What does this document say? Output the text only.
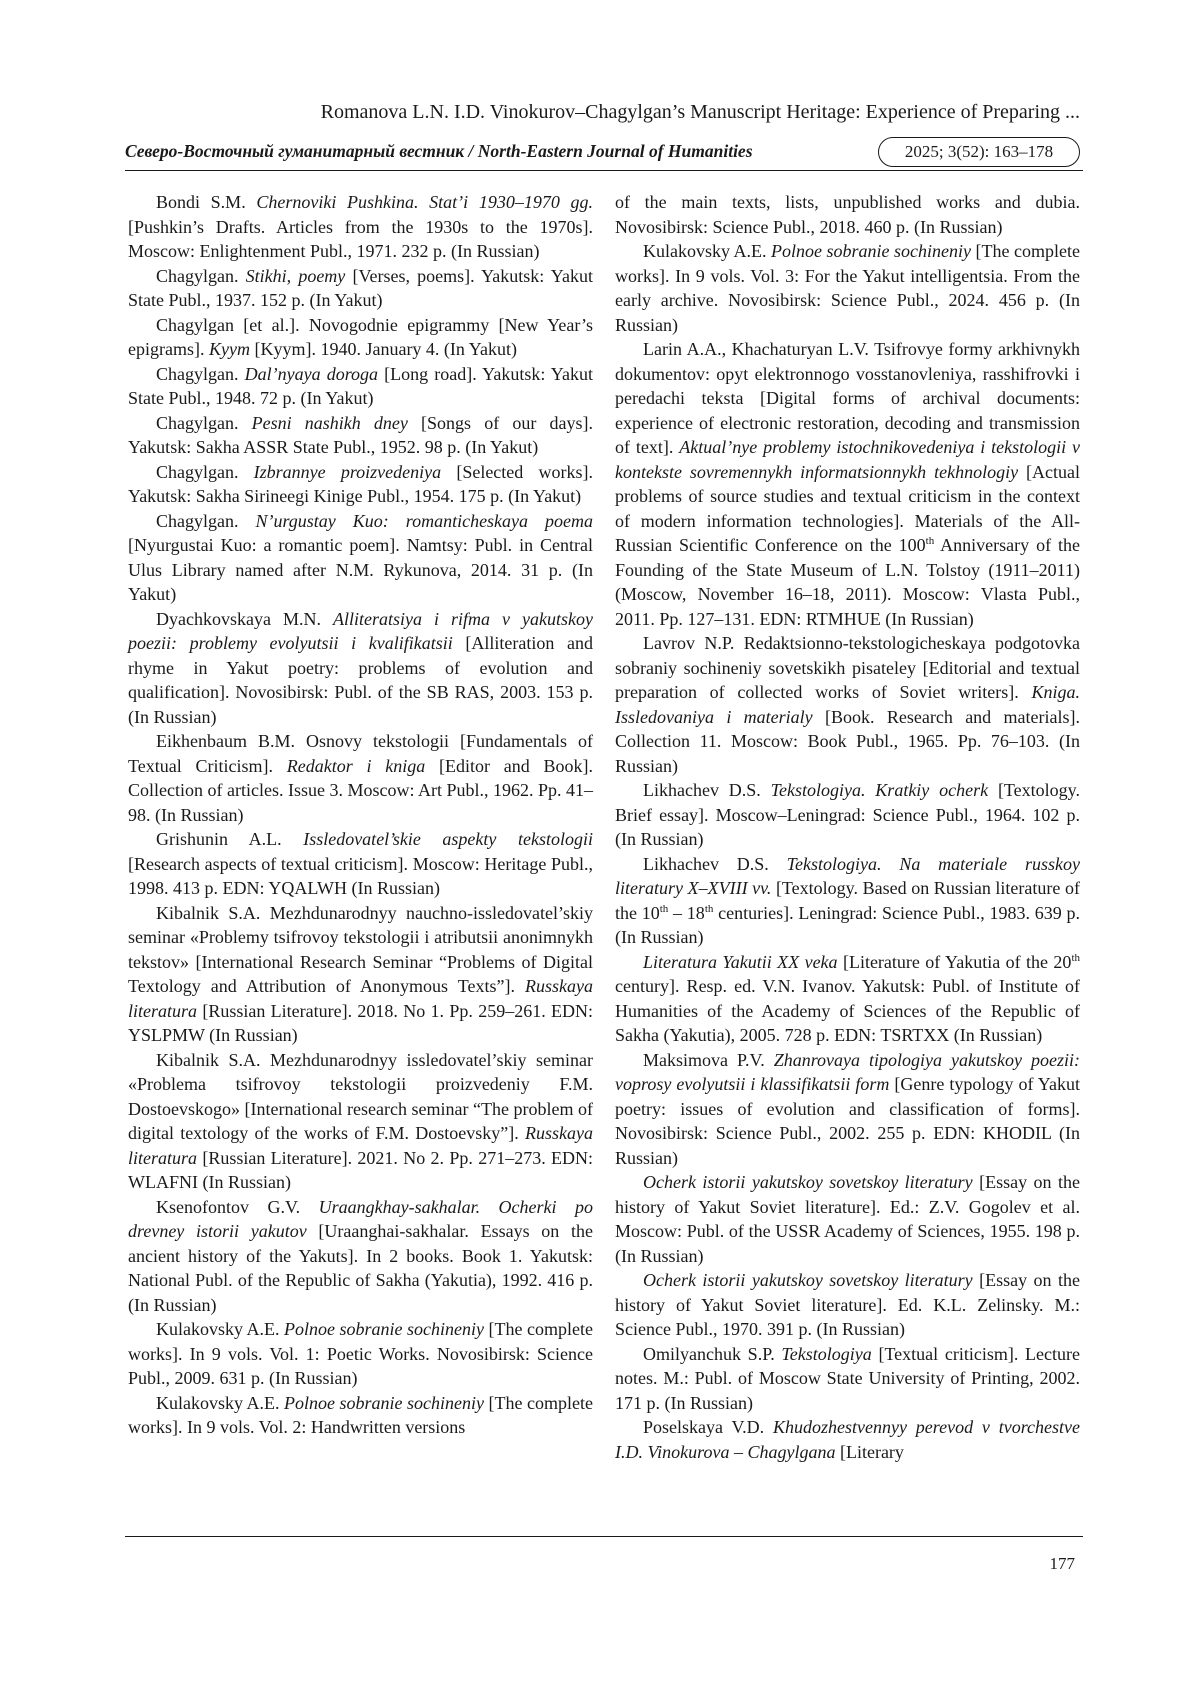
Romanova L.N. I.D. Vinokurov–Chagylgan’s Manuscript Heritage: Experience of Preparing ...
Северо-Восточный гуманитарный вестник / North-Eastern Journal of Humanities	2025; 3(52): 163–178

Bondi S.M. Chernoviki Pushkina. Stat’i 1930–1970 gg. [Pushkin’s Drafts. Articles from the 1930s to the 1970s]. Moscow: Enlightenment Publ., 1971. 232 p. (In Russian)

Chagylgan. Stikhi, poemy [Verses, poems]. Yakutsk: Yakut State Publ., 1937. 152 p. (In Yakut)

Chagylgan [et al.]. Novogodnie epigrammy [New Year’s epigrams]. Kyym [Kyym]. 1940. January 4. (In Yakut)

Chagylgan. Dal’nyaya doroga [Long road]. Yakutsk: Yakut State Publ., 1948. 72 p. (In Yakut)

Chagylgan. Pesni nashikh dney [Songs of our days]. Yakutsk: Sakha ASSR State Publ., 1952. 98 p. (In Yakut)

Chagylgan. Izbrannye proizvedeniya [Selected works]. Yakutsk: Sakha Sirineegi Kinige Publ., 1954. 175 p. (In Yakut)

Chagylgan. N’urgustay Kuo: romanticheskaya poema [Nyurgustai Kuo: a romantic poem]. Namtsy: Publ. in Central Ulus Library named after N.M. Rykunova, 2014. 31 p. (In Yakut)

Dyachkovskaya M.N. Alliteratsiya i rifma v yakutskoy poezii: problemy evolyutsii i kvalifikatsii [Alliteration and rhyme in Yakut poetry: problems of evolution and qualification]. Novosibirsk: Publ. of the SB RAS, 2003. 153 p. (In Russian)

Eikhenbaum B.M. Osnovy tekstologii [Fundamentals of Textual Criticism]. Redaktor i kniga [Editor and Book]. Collection of articles. Issue 3. Moscow: Art Publ., 1962. Pp. 41–98. (In Russian)

Grishunin A.L. Issledovatel’skie aspekty tekstologii [Research aspects of textual criticism]. Moscow: Heritage Publ., 1998. 413 p. EDN: YQALWH (In Russian)

Kibalnik S.A. Mezhdunarodnyy nauchno-issledovatel’skiy seminar «Problemy tsifrovoy tekstologii i atributsii anonimnykh tekstov» [International Research Seminar “Problems of Digital Textology and Attribution of Anonymous Texts”]. Russkaya literatura [Russian Literature]. 2018. No 1. Pp. 259–261. EDN: YSLPMW (In Russian)

Kibalnik S.A. Mezhdunarodnyy issledovatel’skiy seminar «Problema tsifrovoy tekstologii proizvedeniy F.M. Dostoevskogo» [International research seminar “The problem of digital textology of the works of F.M. Dostoevsky”]. Russkaya literatura [Russian Literature]. 2021. No 2. Pp. 271–273. EDN: WLAFNI (In Russian)

Ksenofontov G.V. Uraangkhay-sakhalar. Ocherki po drevney istorii yakutov [Uraanghai-sakhalar. Essays on the ancient history of the Yakuts]. In 2 books. Book 1. Yakutsk: National Publ. of the Republic of Sakha (Yakutia), 1992. 416 p. (In Russian)

Kulakovsky A.E. Polnoe sobranie sochineniy [The complete works]. In 9 vols. Vol. 1: Poetic Works. Novosibirsk: Science Publ., 2009. 631 p. (In Russian)

Kulakovsky A.E. Polnoe sobranie sochineniy [The complete works]. In 9 vols. Vol. 2: Handwritten versions

of the main texts, lists, unpublished works and dubia. Novosibirsk: Science Publ., 2018. 460 p. (In Russian)

Kulakovsky A.E. Polnoe sobranie sochineniy [The complete works]. In 9 vols. Vol. 3: For the Yakut intelligentsia. From the early archive. Novosibirsk: Science Publ., 2024. 456 p. (In Russian)

Larin A.A., Khachaturyan L.V. Tsifrovye formy arkhivnykh dokumentov: opyt elektronnogo vosstanovleniya, rasshifrovki i peredachi teksta [Digital forms of archival documents: experience of electronic restoration, decoding and transmission of text]. Aktual’nye problemy istochnikovedeniya i tekstologii v kontekste sovremennykh informatsionnykh tekhnologiy [Actual problems of source studies and textual criticism in the context of modern information technologies]. Materials of the All-Russian Scientific Conference on the 100th Anniversary of the Founding of the State Museum of L.N. Tolstoy (1911–2011) (Moscow, November 16–18, 2011). Moscow: Vlasta Publ., 2011. Pp. 127–131. EDN: RTMHUE (In Russian)

Lavrov N.P. Redaktsionno-tekstologicheskaya podgotovka sobraniy sochineniy sovetskikh pisateley [Editorial and textual preparation of collected works of Soviet writers]. Kniga. Issledovaniya i materialy [Book. Research and materials]. Collection 11. Moscow: Book Publ., 1965. Pp. 76–103. (In Russian)

Likhachev D.S. Tekstologiya. Kratkiy ocherk [Textology. Brief essay]. Moscow–Leningrad: Science Publ., 1964. 102 p. (In Russian)

Likhachev D.S. Tekstologiya. Na materiale russkoy literatury X–XVIII vv. [Textology. Based on Russian literature of the 10th – 18th centuries]. Leningrad: Science Publ., 1983. 639 p. (In Russian)

Literatura Yakutii XX veka [Literature of Yakutia of the 20th century]. Resp. ed. V.N. Ivanov. Yakutsk: Publ. of Institute of Humanities of the Academy of Sciences of the Republic of Sakha (Yakutia), 2005. 728 p. EDN: TSRTXX (In Russian)

Maksimova P.V. Zhanrovaya tipologiya yakutskoy poezii: voprosy evolyutsii i klassifikatsii form [Genre typology of Yakut poetry: issues of evolution and classification of forms]. Novosibirsk: Science Publ., 2002. 255 p. EDN: KHODIL (In Russian)

Ocherk istorii yakutskoy sovetskoy literatury [Essay on the history of Yakut Soviet literature]. Ed.: Z.V. Gogolev et al. Moscow: Publ. of the USSR Academy of Sciences, 1955. 198 p. (In Russian)

Ocherk istorii yakutskoy sovetskoy literatury [Essay on the history of Yakut Soviet literature]. Ed. K.L. Zelinsky. M.: Science Publ., 1970. 391 p. (In Russian)

Omilyanchuk S.P. Tekstologiya [Textual criticism]. Lecture notes. M.: Publ. of Moscow State University of Printing, 2002. 171 p. (In Russian)

Poselskaya V.D. Khudozhestvennyy perevod v tvorchestve I.D. Vinokurova – Chagylgana [Literary

177
